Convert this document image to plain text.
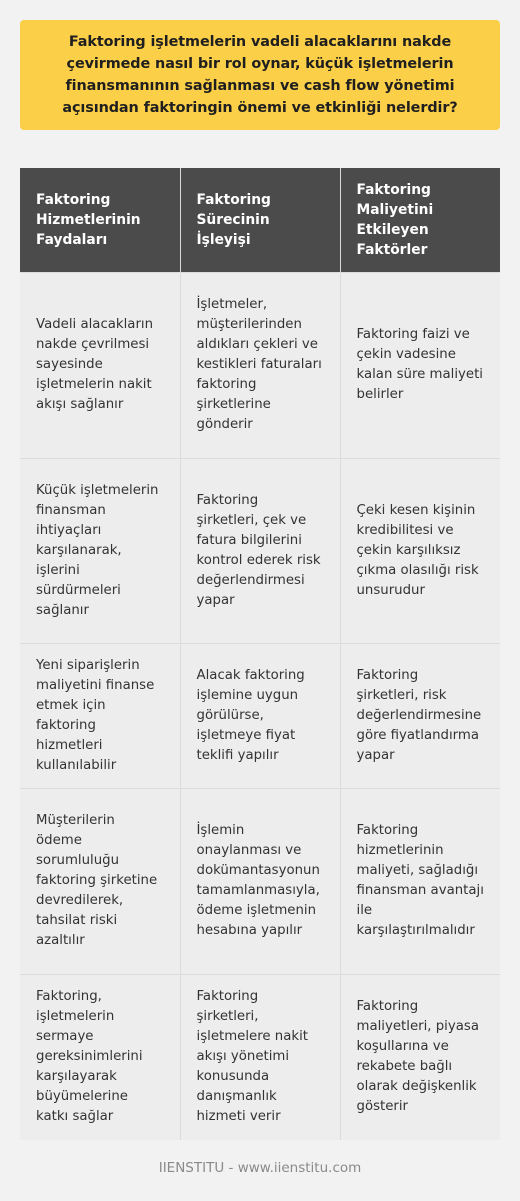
Faktoring işletmelerin vadeli alacaklarını nakde çevirmede nasıl bir rol oynar, küçük işletmelerin finansmanının sağlanması ve cash flow yönetimi açısından faktoringin önemi ve etkinliği nelerdir?
Faktoring Hizmetlerinin Faydaları	Faktoring Sürecinin İşleyişi	Faktoring Maliyetini Etkileyen Faktörler
Vadeli alacakların nakde çevrilmesi sayesinde işletmelerin nakit akışı sağlanır	İşletmeler, müşterilerinden aldıkları çekleri ve kestikleri faturaları faktoring şirketlerine gönderir	Faktoring faizi ve çekin vadesine kalan süre maliyeti belirler
Küçük işletmelerin finansman ihtiyaçları karşılanarak, işlerini sürdürmeleri sağlanır	Faktoring şirketleri, çek ve fatura bilgilerini kontrol ederek risk değerlendirmesi yapar	Çeki kesen kişinin kredibilitesi ve çekin karşılıksız çıkma olasılığı risk unsurudur
Yeni siparişlerin maliyetini finanse etmek için faktoring hizmetleri kullanılabilir	Alacak faktoring işlemine uygun görülürse, işletmeye fiyat teklifi yapılır	Faktoring şirketleri, risk değerlendirmesine göre fiyatlandırma yapar
Müşterilerin ödeme sorumluluğu faktoring şirketine devredilerek, tahsilat riski azaltılır	İşlemin onaylanması ve dokümantasyonun tamamlanmasıyla, ödeme işletmenin hesabına yapılır	Faktoring hizmetlerinin maliyeti, sağladığı finansman avantajı ile karşılaştırılmalıdır
Faktoring, işletmelerin sermaye gereksinimlerini karşılayarak büyümelerine katkı sağlar	Faktoring şirketleri, işletmelere nakit akışı yönetimi konusunda danışmanlık hizmeti verir	Faktoring maliyetleri, piyasa koşullarına ve rekabete bağlı olarak değişkenlik gösterir
IIENSTITU - www.iienstitu.com
